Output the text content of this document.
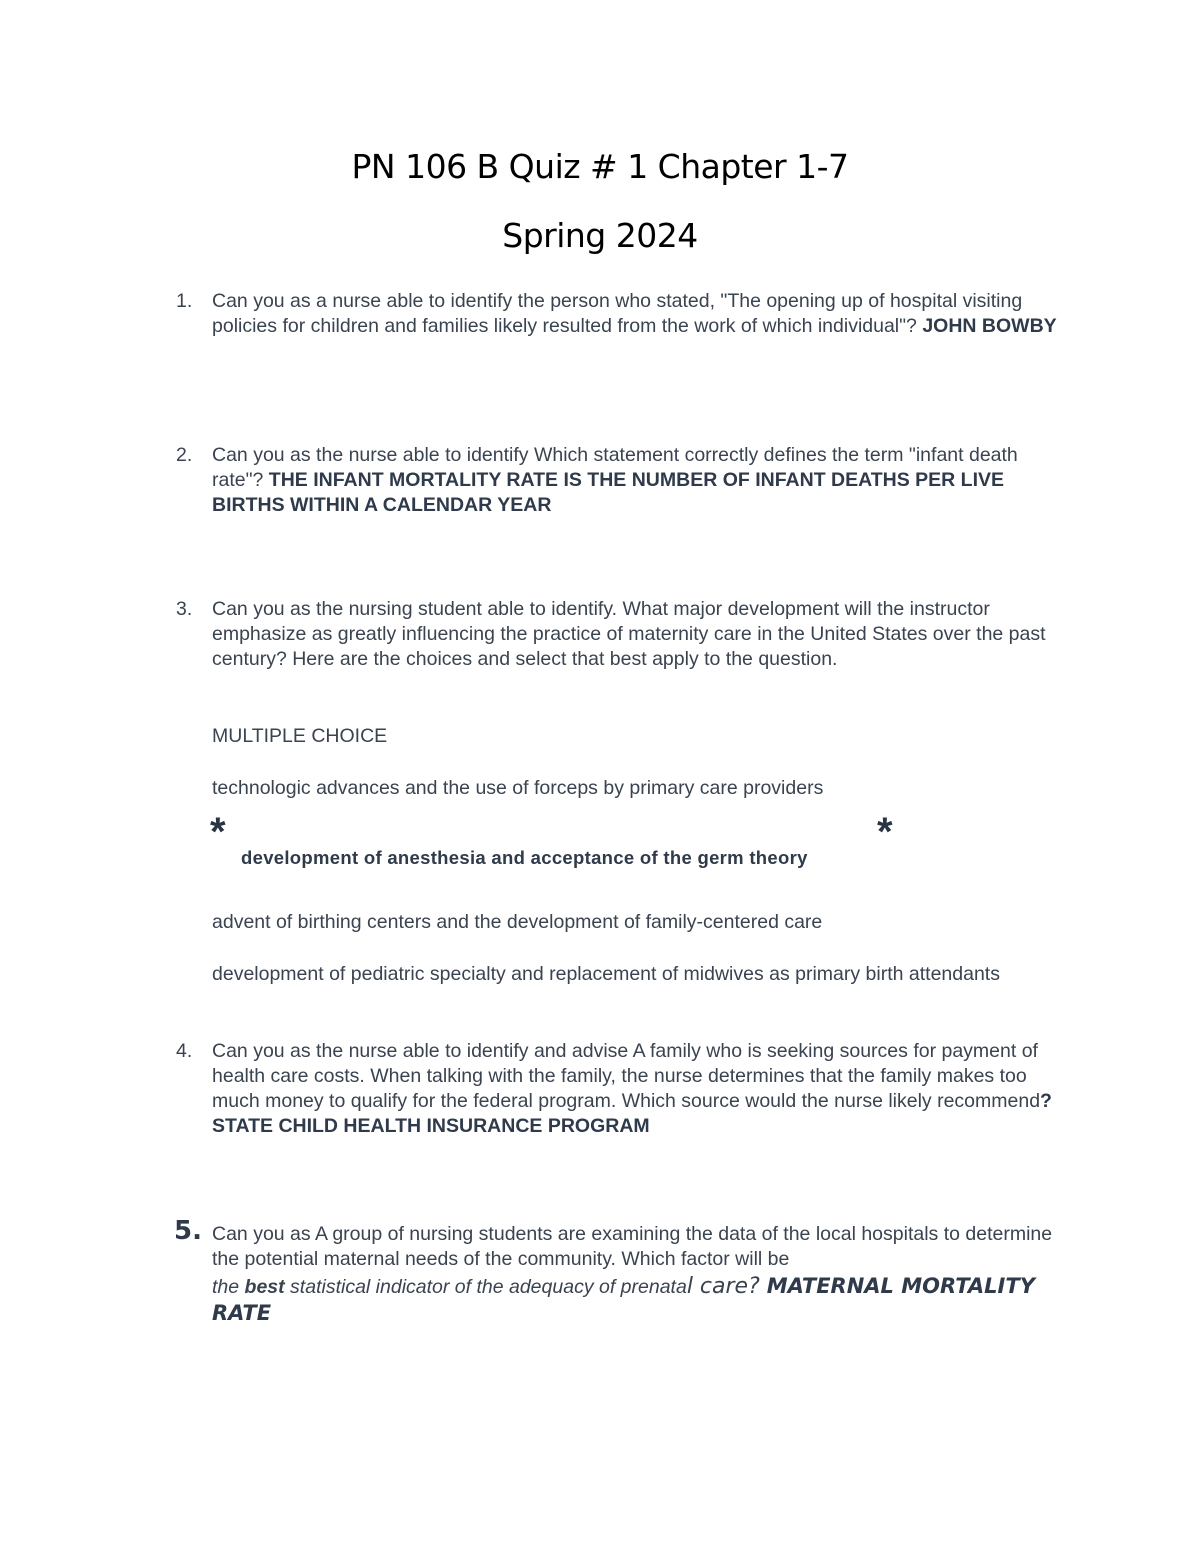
PN 106 B Quiz # 1 Chapter 1-7
Spring 2024
1. Can you as a nurse able to identify the person who stated, "The opening up of hospital visiting policies for children and families likely resulted from the work of which individual"? JOHN BOWBY
2. Can you as the nurse able to identify Which statement correctly defines the term "infant death rate"? THE INFANT MORTALITY RATE IS THE NUMBER OF INFANT DEATHS PER LIVE BIRTHS WITHIN A CALENDAR YEAR
3. Can you as the nursing student able to identify. What major development will the instructor emphasize as greatly influencing the practice of maternity care in the United States over the past century? Here are the choices and select that best apply to the question.
MULTIPLE CHOICE
technologic advances and the use of forceps by primary care providers
*	*
development of anesthesia and acceptance of the germ theory
advent of birthing centers and the development of family-centered care
development of pediatric specialty and replacement of midwives as primary birth attendants
4. Can you as the nurse able to identify and advise A family who is seeking sources for payment of health care costs. When talking with the family, the nurse determines that the family makes too much money to qualify for the federal program. Which source would the nurse likely recommend? STATE CHILD HEALTH INSURANCE PROGRAM
5. Can you as A group of nursing students are examining the data of the local hospitals to determine the potential maternal needs of the community. Which factor will be
the best statistical indicator of the adequacy of prenatal care? MATERNAL MORTALITY RATE
